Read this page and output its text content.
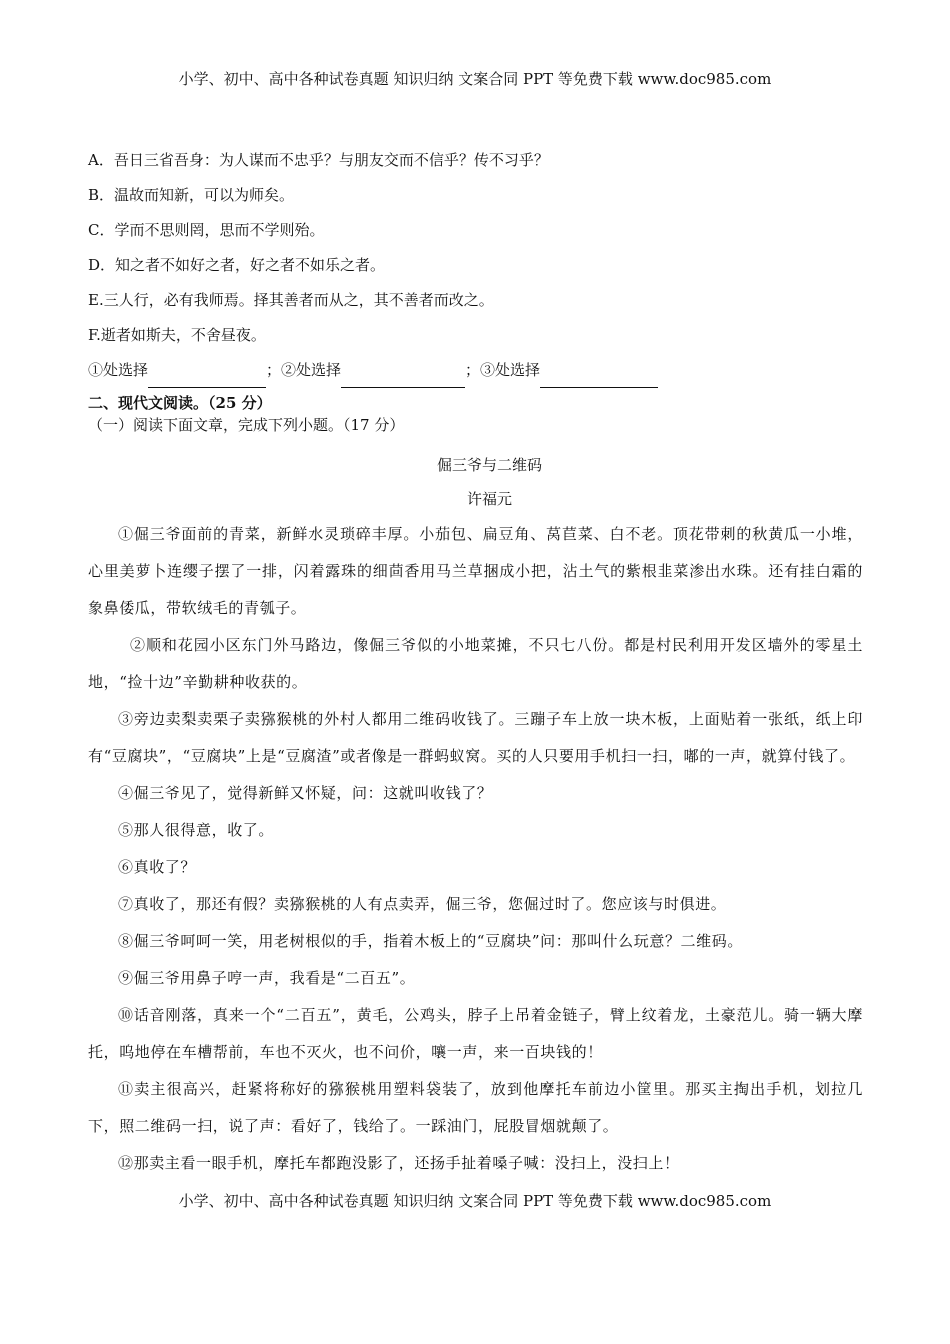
小学、初中、高中各种试卷真题 知识归纳 文案合同 PPT 等免费下载 www.doc985.com
A．吾日三省吾身：为人谋而不忠乎？与朋友交而不信乎？传不习乎？
B．温故而知新，可以为师矣。
C．学而不思则罔，思而不学则殆。
D．知之者不如好之者，好之者不如乐之者。
E.三人行，必有我师焉。择其善者而从之，其不善者而改之。
F.逝者如斯夫，不舍昼夜。
①处选择	；②处选择	；③处选择
二、现代文阅读。（25 分）
（一）阅读下面文章，完成下列小题。（17 分）
倔三爷与二维码
许福元
①倔三爷面前的青菜，新鲜水灵琐碎丰厚。小茄包、扁豆角、莴苣菜、白不老。顶花带刺的秋黄瓜一小堆，心里美萝卜连缨子摆了一排，闪着露珠的细茴香用马兰草捆成小把，沾土气的紫根韭菜渗出水珠。还有挂白霜的象鼻倭瓜，带软绒毛的青瓠子。
②顺和花园小区东门外马路边，像倔三爷似的小地菜摊，不只七八份。都是村民利用开发区墙外的零星土地，“捡十边”辛勤耕种收获的。
③旁边卖梨卖栗子卖猕猴桃的外村人都用二维码收钱了。三蹦子车上放一块木板，上面贴着一张纸，纸上印有“豆腐块”，“豆腐块”上是“豆腐渣”或者像是一群蚂蚁窝。买的人只要用手机扫一扫，嘟的一声，就算付钱了。
④倔三爷见了，觉得新鲜又怀疑，问：这就叫收钱了？
⑤那人很得意，收了。
⑥真收了？
⑦真收了，那还有假？卖猕猴桃的人有点卖弄，倔三爷，您倔过时了。您应该与时俱进。
⑧倔三爷呵呵一笑，用老树根似的手，指着木板上的“豆腐块”问：那叫什么玩意？二维码。
⑨倔三爷用鼻子哼一声，我看是“二百五”。
⑩话音刚落，真来一个“二百五”，黄毛，公鸡头，脖子上吊着金链子，臂上纹着龙，土豪范儿。骑一辆大摩托，呜地停在车槽帮前，车也不灭火，也不问价，嚷一声，来一百块钱的！
⑪卖主很高兴，赶紧将称好的猕猴桃用塑料袋装了，放到他摩托车前边小筐里。那买主掏出手机，划拉几下，照二维码一扫，说了声：看好了，钱给了。一踩油门，屁股冒烟就颠了。
⑫那卖主看一眼手机，摩托车都跑没影了，还扬手扯着嗓子喊：没扫上，没扫上！
小学、初中、高中各种试卷真题 知识归纳 文案合同 PPT 等免费下载 www.doc985.com
